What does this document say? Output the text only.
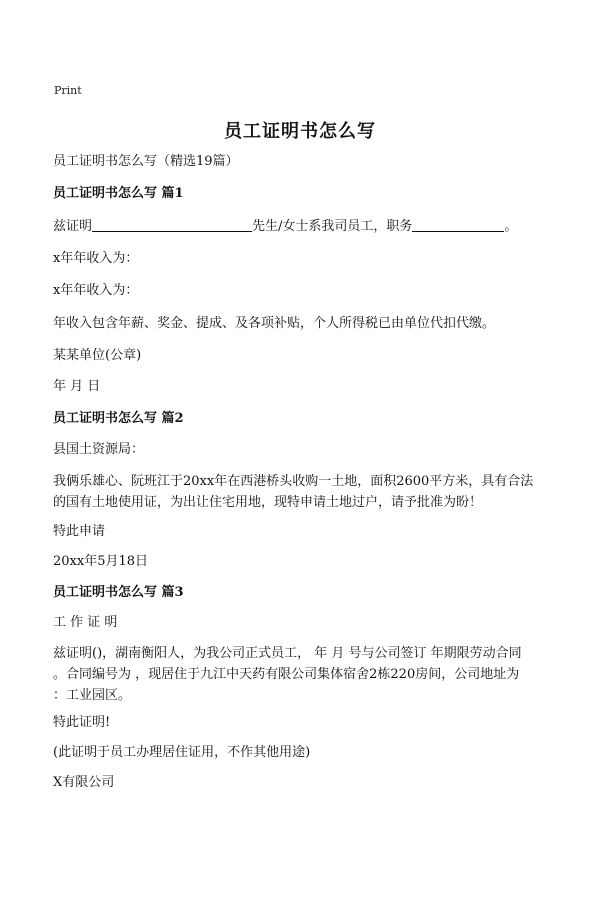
Print
员工证明书怎么写
员工证明书怎么写（精选19篇）
员工证明书怎么写 篇1
兹证明	先生/女士系我司员工，职务	。
x年年收入为：
x年年收入为：
年收入包含年薪、奖金、提成、及各项补贴，个人所得税已由单位代扣代缴。
某某单位(公章)
年 月 日
员工证明书怎么写 篇2
县国土资源局：
我俩乐雄心、阮班江于20xx年在西港桥头收购一土地，面积2600平方米，具有合法
的国有土地使用证，为出让住宅用地，现特申请土地过户，请予批准为盼！
特此申请
20xx年5月18日
员工证明书怎么写 篇3
工 作 证 明
兹证明()，湖南衡阳人，为我公司正式员工， 年 月 号与公司签订 年期限劳动合同
。合同编号为 ，现居住于九江中天药有限公司集体宿舍2栋220房间，公司地址为
：工业园区。
特此证明!
(此证明于员工办理居住证用，不作其他用途)
X有限公司
